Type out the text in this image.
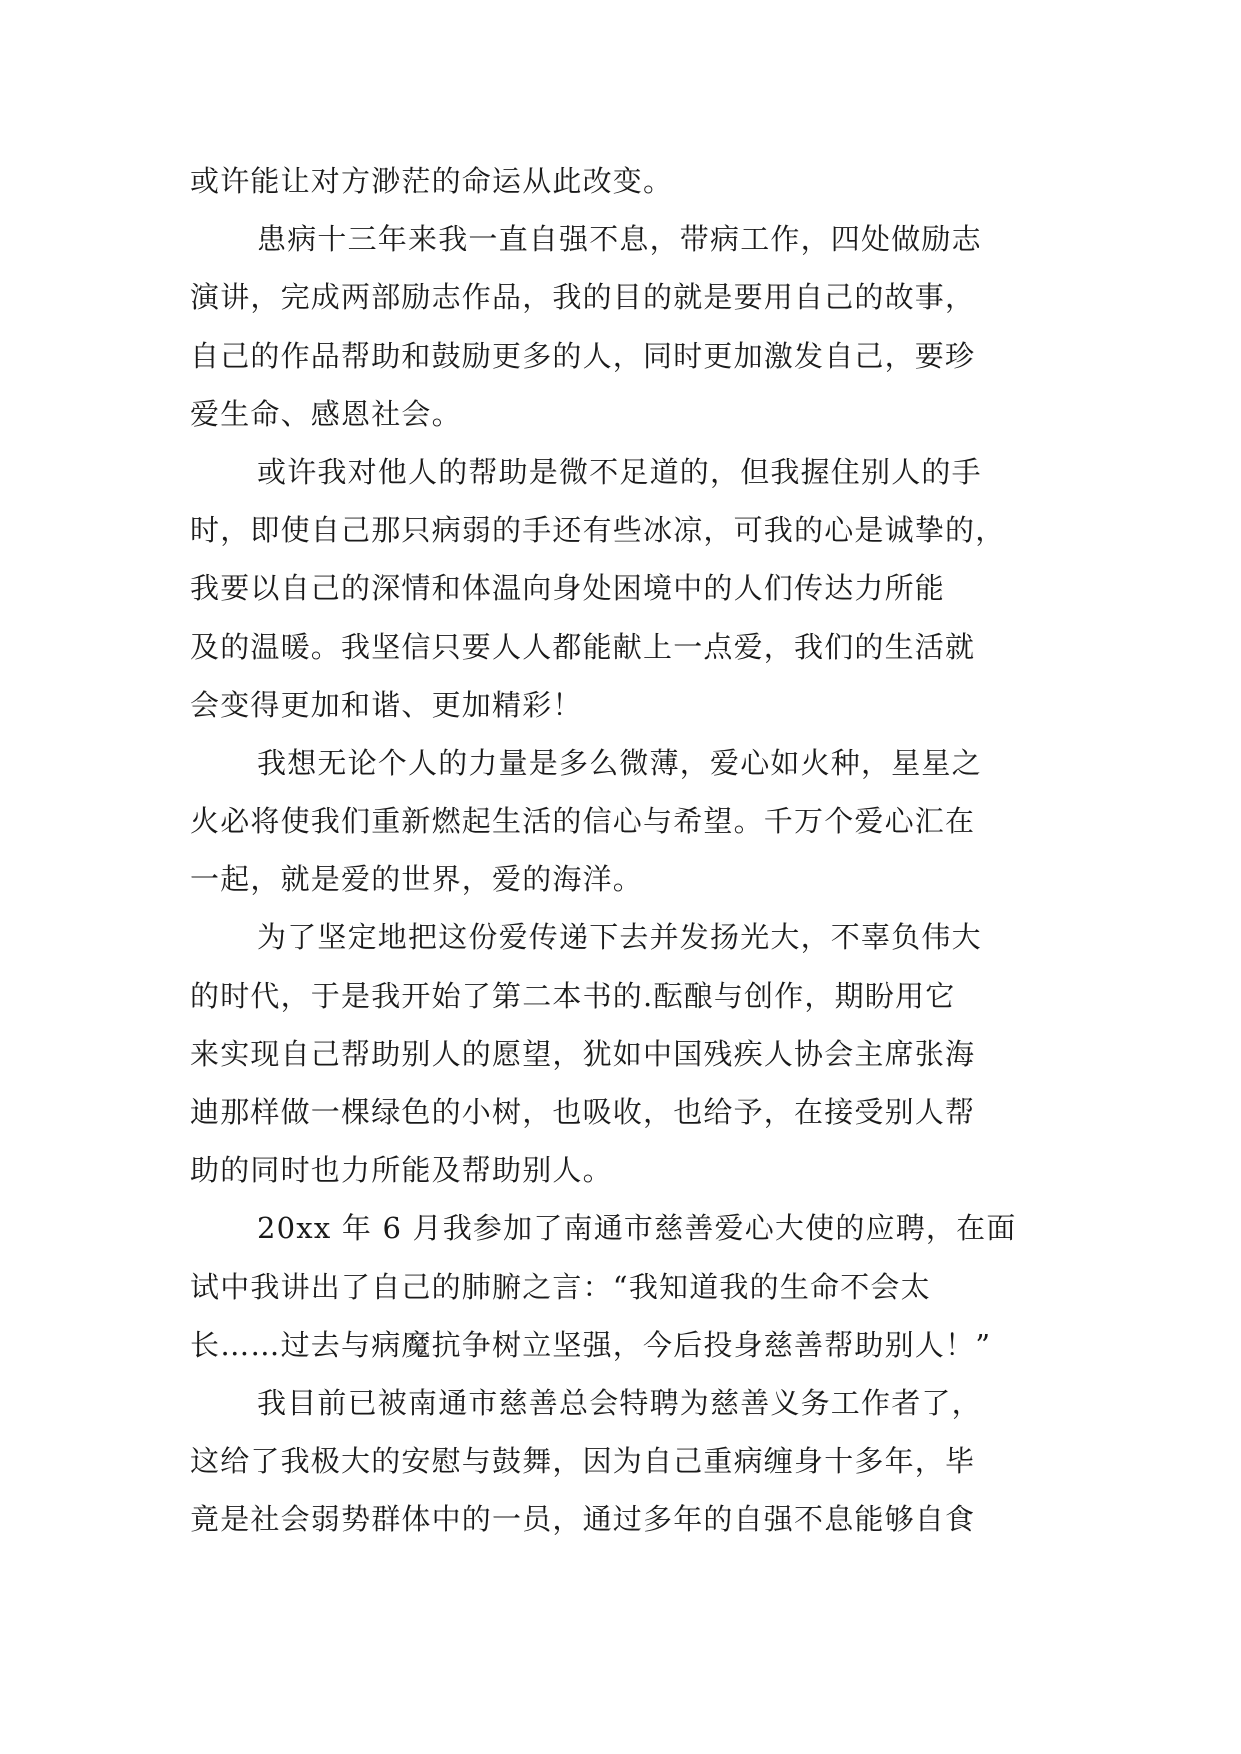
或许能让对方渺茫的命运从此改变。
患病十三年来我一直自强不息，带病工作，四处做励志
演讲，完成两部励志作品，我的目的就是要用自己的故事，
自己的作品帮助和鼓励更多的人，同时更加激发自己，要珍
爱生命、感恩社会。
或许我对他人的帮助是微不足道的，但我握住别人的手
时，即使自己那只病弱的手还有些冰凉，可我的心是诚挚的，
我要以自己的深情和体温向身处困境中的人们传达力所能
及的温暖。我坚信只要人人都能献上一点爱，我们的生活就
会变得更加和谐、更加精彩！
我想无论个人的力量是多么微薄，爱心如火种，星星之
火必将使我们重新燃起生活的信心与希望。千万个爱心汇在
一起，就是爱的世界，爱的海洋。
为了坚定地把这份爱传递下去并发扬光大，不辜负伟大
的时代，于是我开始了第二本书的.酝酿与创作，期盼用它
来实现自己帮助别人的愿望，犹如中国残疾人协会主席张海
迪那样做一棵绿色的小树，也吸收，也给予，在接受别人帮
助的同时也力所能及帮助别人。
20xx 年 6 月我参加了南通市慈善爱心大使的应聘，在面
试中我讲出了自己的肺腑之言：“我知道我的生命不会太
长……过去与病魔抗争树立坚强，今后投身慈善帮助别人！”
我目前已被南通市慈善总会特聘为慈善义务工作者了，
这给了我极大的安慰与鼓舞，因为自己重病缠身十多年，毕
竟是社会弱势群体中的一员，通过多年的自强不息能够自食
